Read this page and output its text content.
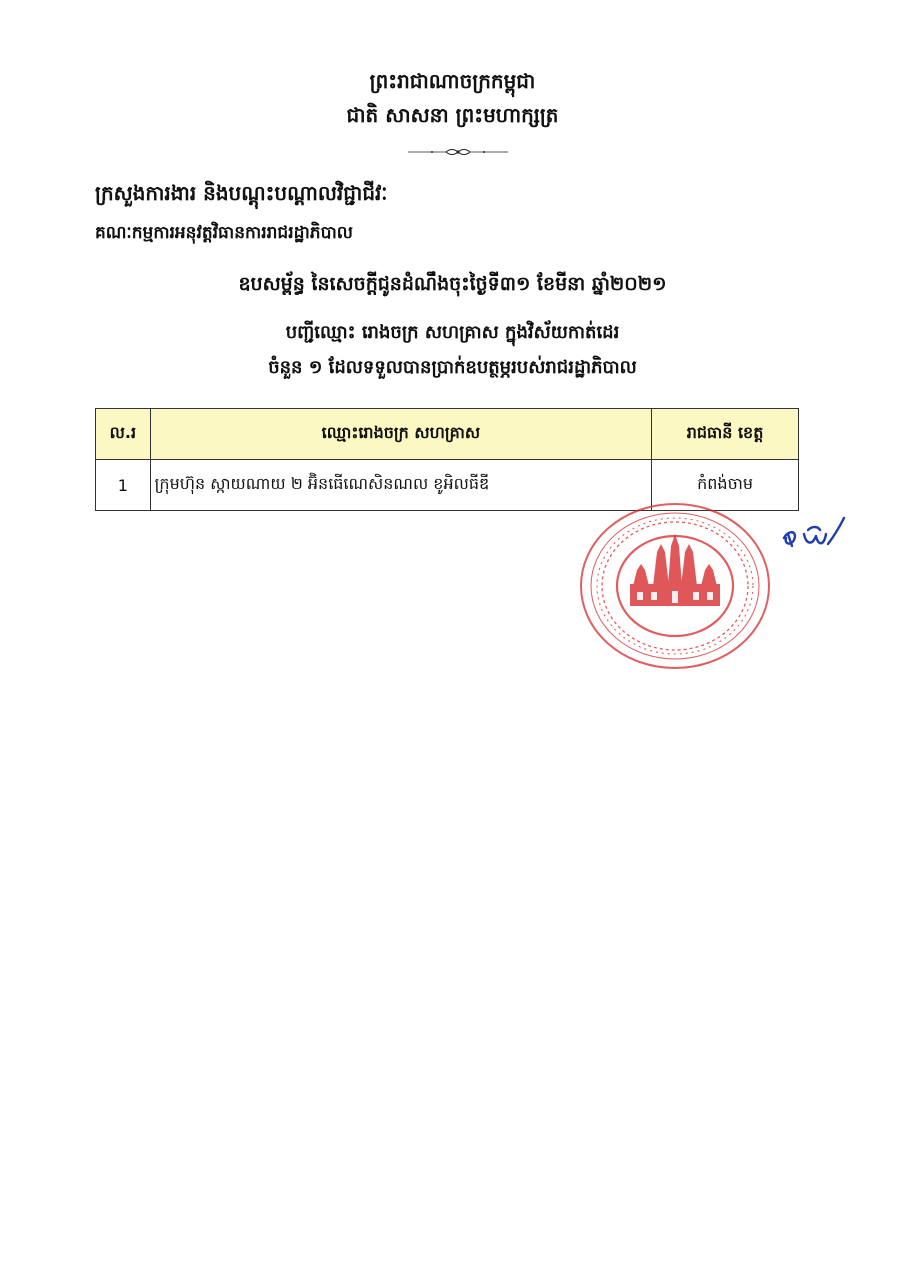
ព្រះរាជាណាចក្រកម្ពុជា
ជាតិ សាសនា ព្រះមហាក្សត្រ
ក្រសួងការងារ និងបណ្តុះបណ្តាលវិជ្ជាជីវៈ
គណៈកម្មការអនុវត្តវិធានការរាជរដ្ឋាភិបាល
ឧបសម្ព័ន្ធ នៃសេចក្តីជូនដំណឹងចុះថ្ងៃទី៣១ ខែមីនា ឆ្នាំ២០២១
បញ្ជីឈ្មោះ រោងចក្រ សហគ្រាស ក្នុងវិស័យកាត់ដេរ
ចំនួន ១ ដែលទទួលបានប្រាក់ឧបត្ថម្ភរបស់រាជរដ្ឋាភិបាល
ល.រ	ឈ្មោះរោងចក្រ សហគ្រាស	រាជធានី ខេត្ត
1	ក្រុមហ៊ុន ស្កាយណាយ ២ អ៊ិនធើណេសិនណល ខូអិលធីឌី	កំពង់ចាម
